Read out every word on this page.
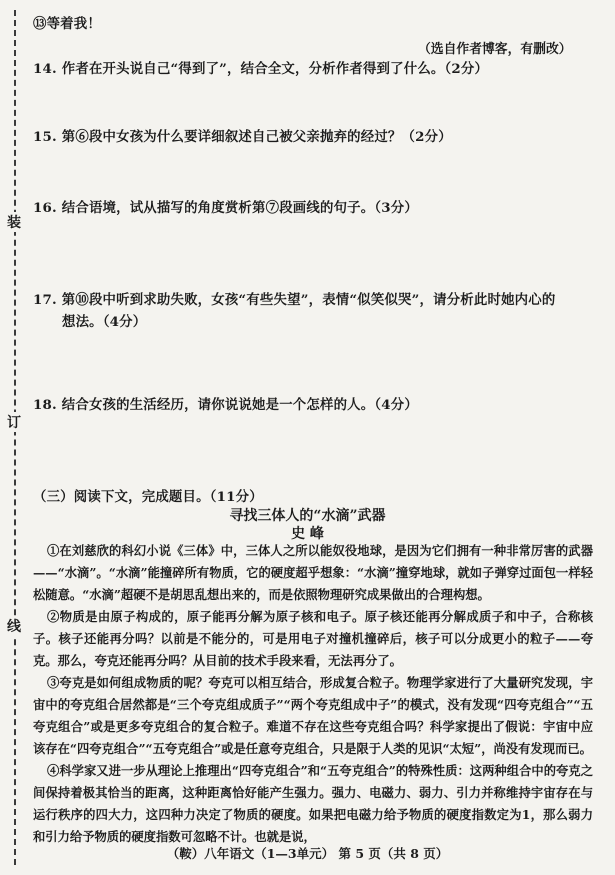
装
订
线
⑬等着我！
（选自作者博客，有删改）
14. 作者在开头说自己“得到了”，结合全文，分析作者得到了什么。（2分）
15. 第⑥段中女孩为什么要详细叙述自己被父亲抛弃的经过？（2分）
16. 结合语境，试从描写的角度赏析第⑦段画线的句子。（3分）
17. 第⑩段中听到求助失败，女孩“有些失望”，表情“似笑似哭”，请分析此时她内心的
想法。（4分）
18. 结合女孩的生活经历，请你说说她是一个怎样的人。（4分）
（三）阅读下文，完成题目。（11分）
寻找三体人的“水滴”武器
史 峰

①在刘慈欣的科幻小说《三体》中，三体人之所以能奴役地球，是因为它们拥有一种非常厉害的武器——“水滴”。“水滴”能撞碎所有物质，它的硬度超乎想象：“水滴”撞穿地球，就如子弹穿过面包一样轻松随意。“水滴”超硬不是胡思乱想出来的，而是依照物理研究成果做出的合理构想。

②物质是由原子构成的，原子能再分解为原子核和电子。原子核还能再分解成质子和中子，合称核子。核子还能再分吗？以前是不能分的，可是用电子对撞机撞碎后，核子可以分成更小的粒子——夸克。那么，夸克还能再分吗？从目前的技术手段来看，无法再分了。

③夸克是如何组成物质的呢？夸克可以相互结合，形成复合粒子。物理学家进行了大量研究发现，宇宙中的夸克组合居然都是“三个夸克组成质子”“两个夸克组成中子”的模式，没有发现“四夸克组合”“五夸克组合”或是更多夸克组合的复合粒子。难道不存在这些夸克组合吗？科学家提出了假说：宇宙中应该存在“四夸克组合”“五夸克组合”或是任意夸克组合，只是限于人类的见识“太短”，尚没有发现而已。

④科学家又进一步从理论上推理出“四夸克组合”和“五夸克组合”的特殊性质：这两种组合中的夸克之间保持着极其恰当的距离，这种距离恰好能产生强力。强力、电磁力、弱力、引力并称维持宇宙存在与运行秩序的四大力，这四种力决定了物质的硬度。如果把电磁力给予物质的硬度指数定为1，那么弱力和引力给予物质的硬度指数可忽略不计。也就是说，

（鞍）八年语文（1—3单元） 第 5 页（共 8 页）
